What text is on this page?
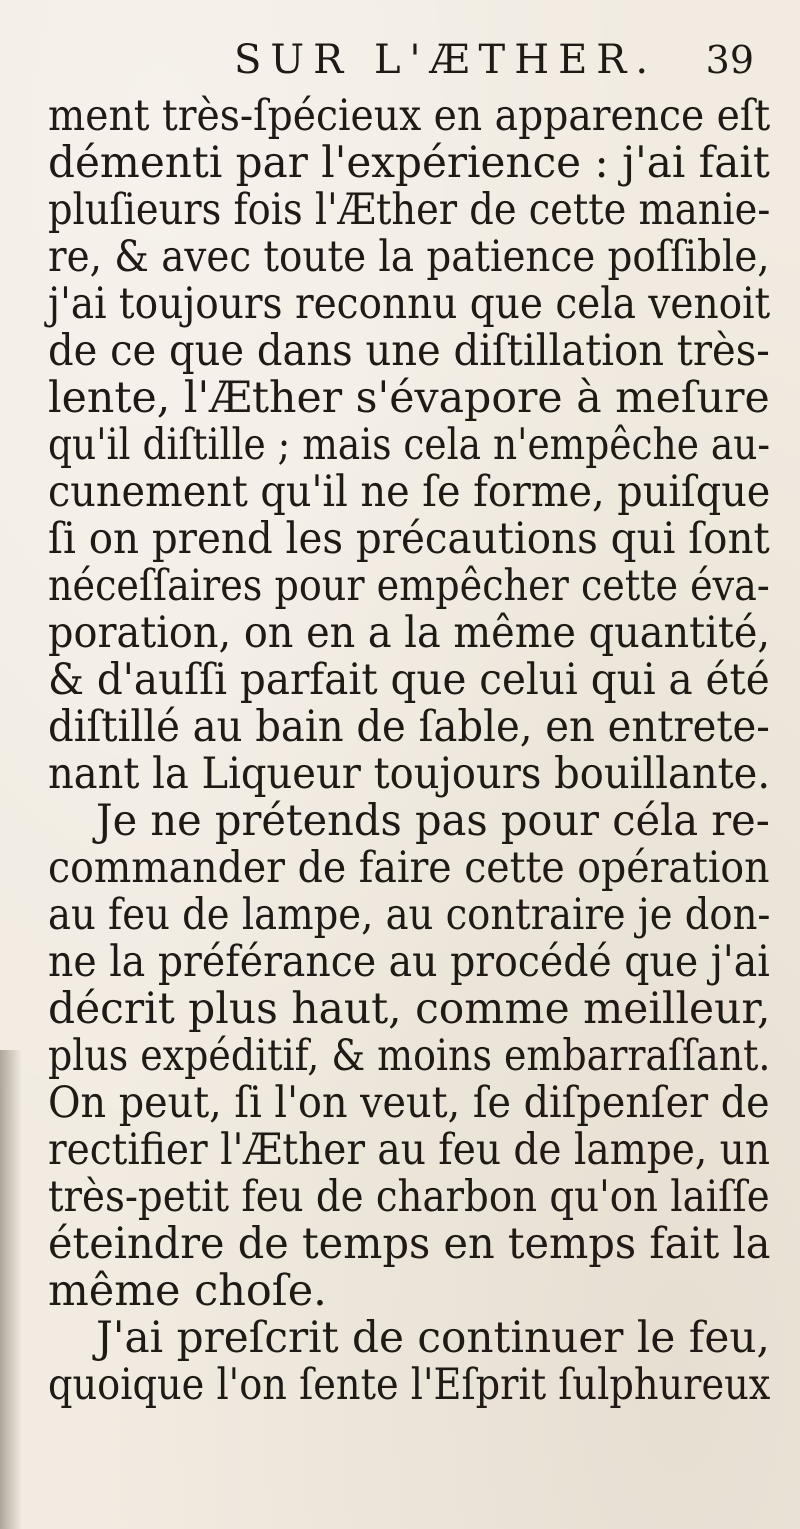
SUR L'ÆTHER. 39
ment très-ſpécieux en apparence eſt
démenti par l'expérience : j'ai fait
pluſieurs fois l'Æther de cette manie-
re, & avec toute la patience poſſible,
j'ai toujours reconnu que cela venoit
de ce que dans une diſtillation très-
lente, l'Æther s'évapore à meſure
qu'il diſtille ; mais cela n'empêche au-
cunement qu'il ne ſe forme, puiſque
ſi on prend les précautions qui ſont
néceſſaires pour empêcher cette éva-
poration, on en a la même quantité,
& d'auſſi parfait que celui qui a été
diſtillé au bain de ſable, en entrete-
nant la Liqueur toujours bouillante.
Je ne prétends pas pour céla re-
commander de faire cette opération
au feu de lampe, au contraire je don-
ne la préférance au procédé que j'ai
décrit plus haut, comme meilleur,
plus expéditif, & moins embarraſſant.
On peut, ſi l'on veut, ſe diſpenſer de
rectifier l'Æther au feu de lampe, un
très-petit feu de charbon qu'on laiſſe
éteindre de temps en temps fait la
même choſe.
J'ai preſcrit de continuer le feu,
quoique l'on ſente l'Eſprit ſulphureux
